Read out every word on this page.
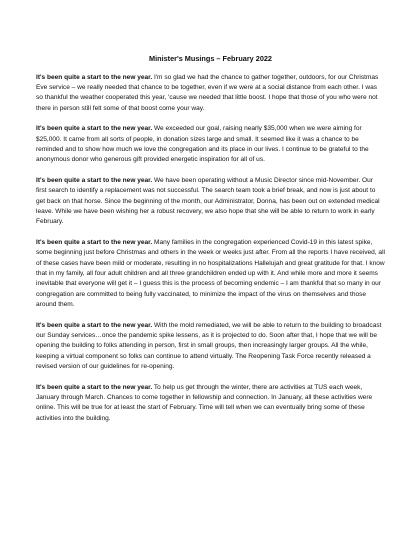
Minister's Musings – February 2022

It's been quite a start to the new year. I'm so glad we had the chance to gather together, outdoors, for our Christmas Eve service – we really needed that chance to be together, even if we were at a social distance from each other. I was so thankful the weather cooperated this year, 'cause we needed that little boost. I hope that those of you who were not there in person still felt some of that boost come your way.

It's been quite a start to the new year. We exceeded our goal, raising nearly $35,000 when we were aiming for $25,000. It came from all sorts of people, in donation sizes large and small. It seemed like it was a chance to be reminded and to show how much we love the congregation and its place in our lives. I continue to be grateful to the anonymous donor who generous gift provided energetic inspiration for all of us.

It's been quite a start to the new year. We have been operating without a Music Director since mid-November. Our first search to identify a replacement was not successful. The search team took a brief break, and now is just about to get back on that horse. Since the beginning of the month, our Administrator, Donna, has been out on extended medical leave. While we have been wishing her a robust recovery, we also hope that she will be able to return to work in early February.

It's been quite a start to the new year. Many families in the congregation experienced Covid-19 in this latest spike, some beginning just before Christmas and others in the week or weeks just after. From all the reports I have received, all of these cases have been mild or moderate, resulting in no hospitalizations Hallelujah and great gratitude for that. I know that in my family, all four adult children and all three grandchildren ended up with it. And while more and more it seems inevitable that everyone will get it – I guess this is the process of becoming endemic – I am thankful that so many in our congregation are committed to being fully vaccinated, to minimize the impact of the virus on themselves and those around them.

It's been quite a start to the new year. With the mold remediated, we will be able to return to the building to broadcast our Sunday services…once the pandemic spike lessens, as it is projected to do. Soon after that, I hope that we will be opening the building to folks attending in person, first in small groups, then increasingly larger groups. All the while, keeping a virtual component so folks can continue to attend virtually. The Reopening Task Force recently released a revised version of our guidelines for re-opening.

It's been quite a start to the new year. To help us get through the winter, there are activities at TUS each week, January through March. Chances to come together in fellowship and connection. In January, all these activities were online. This will be true for at least the start of February. Time will tell when we can eventually bring some of these activities into the building.
